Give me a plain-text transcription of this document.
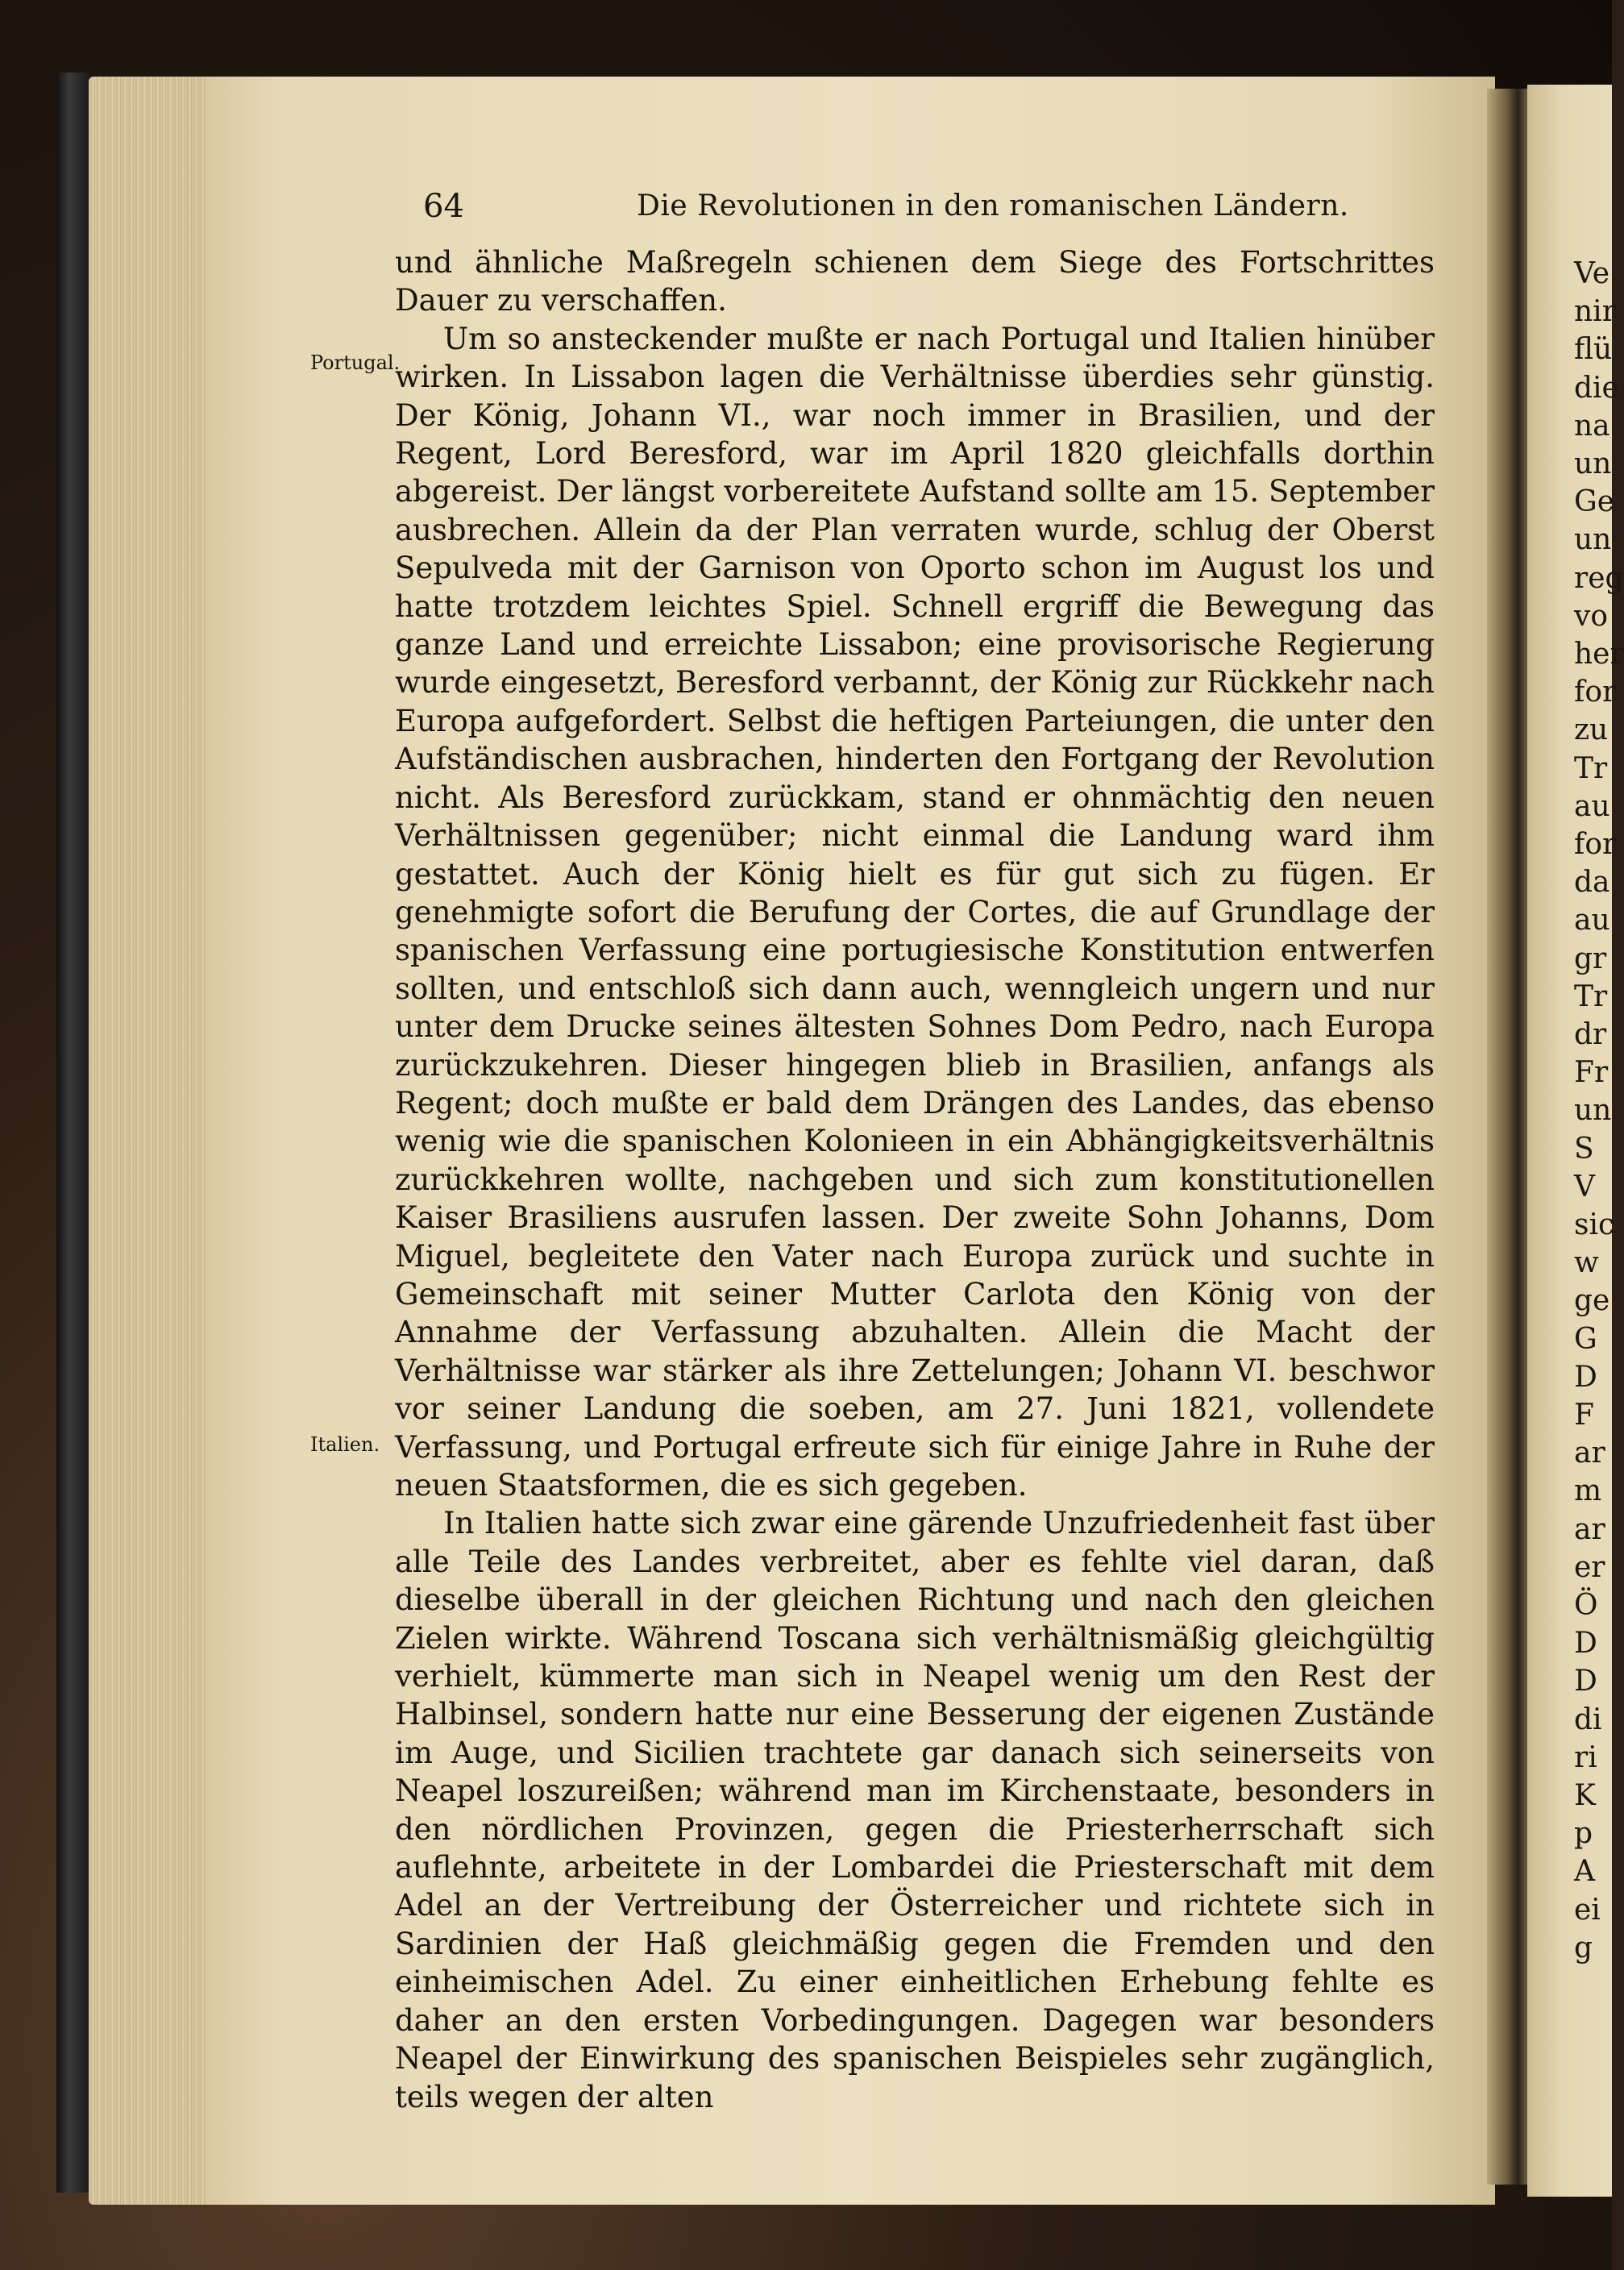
Ve
nir
flü
die
na
un
Ge
un
reg
vo
her
for
zu
Tr
au
for
da
au
gr
Tr
dr
Fr
un
S
V
sic
w
ge
G
D
F
ar
m
ar
er
Ö
D
D
di
ri
K
p
A
ei
g
64	Die Revolutionen in den romanischen Ländern.
Portugal.
Italien.

und ähnliche Maßregeln schienen dem Siege des Fortschrittes Dauer zu verschaffen.

Um so ansteckender mußte er nach Portugal und Italien hinüber wirken. In Lissabon lagen die Verhältnisse überdies sehr günstig. Der König, Johann VI., war noch immer in Brasilien, und der Regent, Lord Beresford, war im April 1820 gleichfalls dorthin abgereist. Der längst vorbereitete Aufstand sollte am 15. September ausbrechen. Allein da der Plan verraten wurde, schlug der Oberst Sepulveda mit der Garnison von Oporto schon im August los und hatte trotzdem leichtes Spiel. Schnell ergriff die Bewegung das ganze Land und erreichte Lissabon; eine provisorische Regierung wurde eingesetzt, Beresford verbannt, der König zur Rückkehr nach Europa aufgefordert. Selbst die heftigen Parteiungen, die unter den Aufständischen ausbrachen, hinderten den Fortgang der Revolution nicht. Als Beresford zurückkam, stand er ohnmächtig den neuen Verhältnissen gegenüber; nicht einmal die Landung ward ihm gestattet. Auch der König hielt es für gut sich zu fügen. Er genehmigte sofort die Berufung der Cortes, die auf Grundlage der spanischen Verfassung eine portugiesische Konstitution entwerfen sollten, und entschloß sich dann auch, wenngleich ungern und nur unter dem Drucke seines ältesten Sohnes Dom Pedro, nach Europa zurückzukehren. Dieser hingegen blieb in Brasilien, anfangs als Regent; doch mußte er bald dem Drängen des Landes, das ebenso wenig wie die spanischen Kolonieen in ein Abhängigkeitsverhältnis zurückkehren wollte, nachgeben und sich zum konstitutionellen Kaiser Brasiliens ausrufen lassen. Der zweite Sohn Johanns, Dom Miguel, begleitete den Vater nach Europa zurück und suchte in Gemeinschaft mit seiner Mutter Carlota den König von der Annahme der Verfassung abzuhalten. Allein die Macht der Verhältnisse war stärker als ihre Zettelungen; Johann VI. beschwor vor seiner Landung die soeben, am 27. Juni 1821, vollendete Verfassung, und Portugal erfreute sich für einige Jahre in Ruhe der neuen Staatsformen, die es sich gegeben.

In Italien hatte sich zwar eine gärende Unzufriedenheit fast über alle Teile des Landes verbreitet, aber es fehlte viel daran, daß dieselbe überall in der gleichen Richtung und nach den gleichen Zielen wirkte. Während Toscana sich verhältnismäßig gleichgültig verhielt, kümmerte man sich in Neapel wenig um den Rest der Halbinsel, sondern hatte nur eine Besserung der eigenen Zustände im Auge, und Sicilien trachtete gar danach sich seinerseits von Neapel loszureißen; während man im Kirchenstaate, besonders in den nördlichen Provinzen, gegen die Priesterherrschaft sich auflehnte, arbeitete in der Lombardei die Priesterschaft mit dem Adel an der Vertreibung der Österreicher und richtete sich in Sardinien der Haß gleichmäßig gegen die Fremden und den einheimischen Adel. Zu einer einheitlichen Erhebung fehlte es daher an den ersten Vorbedingungen. Dagegen war besonders Neapel der Einwirkung des spanischen Beispieles sehr zugänglich, teils wegen der alten
